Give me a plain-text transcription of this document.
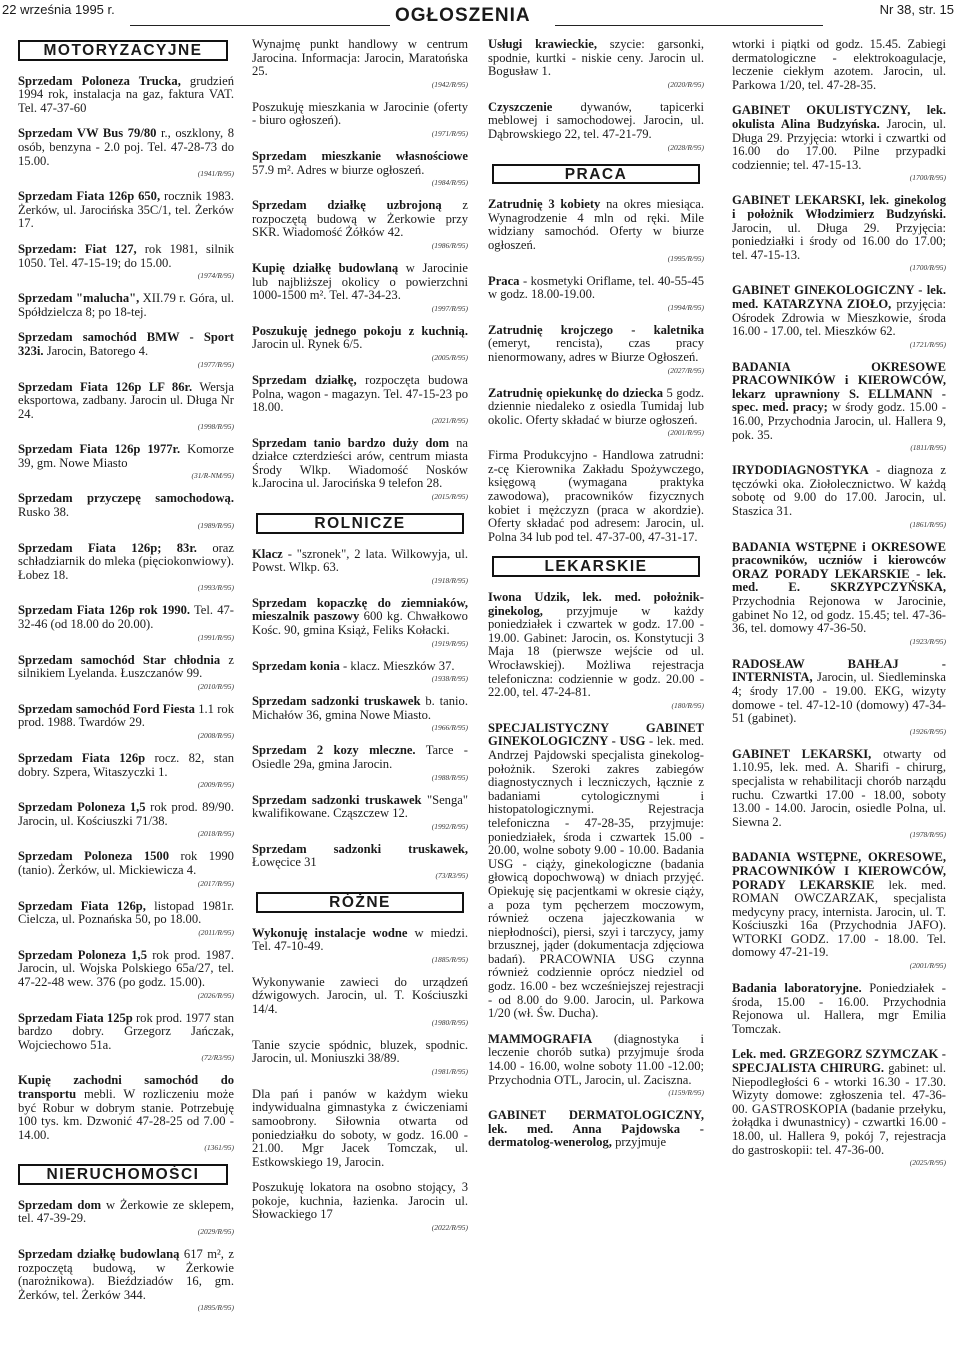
22 września 1995 r.	OGŁOSZENIA	Nr 38, str. 15
MOTORYZACYJNE

Sprzedam Poloneza Trucka, grudzień 1994 rok, instalacja na gaz, faktura VAT. Tel. 47-37-60

Sprzedam VW Bus 79/80 r., oszklony, 8 osób, benzyna - 2.0 poj. Tel. 47-28-73 do 15.00.

(1941/R/95)

Sprzedam Fiata 126p 650, rocznik 1983. Żerków, ul. Jarocińska 35C/1, tel. Żerków 17.

Sprzedam: Fiat 127, rok 1981, silnik 1050. Tel. 47-15-19; do 15.00.

(1974/R/95)

Sprzedam "malucha", XII.79 r. Góra, ul. Spółdzielcza 8; po 18-tej.

Sprzedam samochód BMW - Sport 323i. Jarocin, Batorego 4.

(1977/R/95)

Sprzedam Fiata 126p LF 86r. Wersja eksportowa, zadbany. Jarocin ul. Długa Nr 24.

(1998/R/95)

Sprzedam Fiata 126p 1977r. Komorze 39, gm. Nowe Miasto

(31/R-NM/95)

Sprzedam przyczepę samochodową. Rusko 38.

(1989/R/95)

Sprzedam Fiata 126p; 83r. oraz schładziarnik do mleka (pięciokonwiowy). Łobez 18.

(1993/R/95)

Sprzedam Fiata 126p rok 1990. Tel. 47-32-46 (od 18.00 do 20.00).

(1991/R/95)

Sprzedam samochód Star chłodnia z silnikiem Lyelanda. Łuszczanów 99.

(2010/R/95)

Sprzedam samochód Ford Fiesta 1.1 rok prod. 1988. Twardów 29.

(2008/R/95)

Sprzedam Fiata 126p rocz. 82, stan dobry. Szpera, Witaszyczki 1.

(2009/R/95)

Sprzedam Poloneza 1,5 rok prod. 89/90. Jarocin, ul. Kościuszki 71/38.

(2018/R/95)

Sprzedam Poloneza 1500 rok 1990 (tanio). Żerków, ul. Mickiewicza 4.

(2017/R/95)

Sprzedam Fiata 126p, listopad 1981r. Cielcza, ul. Poznańska 50, po 18.00.

(2011/R/95)

Sprzedam Poloneza 1,5 rok prod. 1987. Jarocin, ul. Wojska Polskiego 65a/27, tel. 47-22-48 wew. 376 (po godz. 15.00).

(2026/R/95)

Sprzedam Fiata 125p rok prod. 1977 stan bardzo dobry. Grzegorz Jańczak, Wojciechowo 51a.

(72/R3/95)

Kupię zachodni samochód do transportu mebli. W rozliczeniu może być Robur w dobrym stanie. Potrzebuję 100 tys. km. Dzwonić 47-28-25 od 7.00 - 14.00.

(1361/95)
NIERUCHOMOŚCI

Sprzedam dom w Żerkowie ze sklepem, tel. 47-39-29.

(2029/R/95)

Sprzedam działkę budowlaną 617 m², z rozpoczętą budową, w Żerkowie (narożnikowa). Bieździadów 16, gm. Żerków, tel. Żerków 344.

(1895/R/95)

Wynajmę punkt handlowy w centrum Jarocina. Informacja: Jarocin, Maratońska 25.

(1942/R/95)

Poszukuję mieszkania w Jarocinie (oferty - biuro ogłoszeń).

(1971/R/95)

Sprzedam mieszkanie własnościowe 57.9 m². Adres w biurze ogłoszeń.

(1984/R/95)

Sprzedam działkę uzbrojoną z rozpoczętą budową w Żerkowie przy SKR. Wiadomość Żółków 42.

(1986/R/95)

Kupię działkę budowlaną w Jarocinie lub najbliższej okolicy o powierzchni 1000-1500 m². Tel. 47-34-23.

(1997/R/95)

Poszukuję jednego pokoju z kuchnią. Jarocin ul. Rynek 6/5.

(2005/R/95)

Sprzedam działkę, rozpoczęta budowa Polna, wagon - magazyn. Tel. 47-15-23 po 18.00.

(2021/R/95)

Sprzedam tanio bardzo duży dom na działce czterdzieści arów, centrum miasta Środy Wlkp. Wiadomość Nosków k.Jarocina ul. Jarocińska 9 telefon 28.

(2015/R/95)
ROLNICZE

Klacz - "szronek", 2 lata. Wilkowyja, ul. Powst. Wlkp. 63.

(1918/R/95)

Sprzedam kopaczkę do ziemniaków, mieszalnik paszowy 600 kg. Chwałkowo Kośc. 90, gmina Książ, Feliks Kołacki.

(1919/R/95)

Sprzedam konia - klacz. Mieszków 37.

(1938/R/95)

Sprzedam sadzonki truskawek b. tanio. Michałów 36, gmina Nowe Miasto.

(1966/R/95)

Sprzedam 2 kozy mleczne. Tarce - Osiedle 29a, gmina Jarocin.

(1988/R/95)

Sprzedam sadzonki truskawek "Senga" kwalifikowane. Cząszczew 12.

(1992/R/95)

Sprzedam sadzonki truskawek, Łowęcice 31

(73/R3/95)
RÓŻNE

Wykonuję instalacje wodne w miedzi. Tel. 47-10-49.

(1885/R/95)

Wykonywanie zawieci do urządzeń dźwigowych. Jarocin, ul. T. Kościuszki 14/4.

(1980/R/95)

Tanie szycie spódnic, bluzek, spodnic. Jarocin, ul. Moniuszki 38/89.

(1981/R/95)

Dla pań i panów w każdym wieku indywidualna gimnastyka z ćwiczeniami samoobrony. Siłownia otwarta od poniedziałku do soboty, w godz. 16.00 - 21.00. Mgr Jacek Tomczak, ul. Estkowskiego 19, Jarocin.

Poszukuję lokatora na osobno stojący, 3 pokoje, kuchnia, łazienka. Jarocin ul. Słowackiego 17

(2022/R/95)

Usługi krawieckie, szycie: garsonki, spodnie, kurtki - niskie ceny. Jarocin ul. Bogusław 1.

(2020/R/95)

Czyszczenie dywanów, tapicerki meblowej i samochodowej. Jarocin, ul. Dąbrowskiego 22, tel. 47-21-79.

(2028/R/95)
PRACA

Zatrudnię 3 kobiety na okres miesiąca. Wynagrodzenie 4 mln od ręki. Mile widziany samochód. Oferty w biurze ogłoszeń.

(1995/R/95)

Praca - kosmetyki Oriflame, tel. 40-55-45 w godz. 18.00-19.00.

(1994/R/95)

Zatrudnię krojczego - kaletnika (emeryt, rencista), czas pracy nienormowany, adres w Biurze Ogłoszeń.

(2027/R/95)

Zatrudnię opiekunkę do dziecka 5 godz. dziennie niedaleko z osiedla Tumidaj lub okolic. Oferty składać w biurze ogłoszeń.

(2001/R/95)

Firma Produkcyjno - Handlowa zatrudni: z-cę Kierownika Zakładu Spożywczego, księgową (wymagana praktyka zawodowa), pracowników fizycznych kobiet i mężczyzn (praca w akordzie). Oferty składać pod adresem: Jarocin, ul. Polna 34 lub pod tel. 47-37-00, 47-31-17.

LEKARSKIE

Iwona Udzik, lek. med. położnik-ginekolog, przyjmuje w każdy poniedziałek i czwartek w godz. 17.00 - 19.00. Gabinet: Jarocin, os. Konstytucji 3 Maja 18 (pierwsze wejście od ul. Wrocławskiej). Możliwa rejestracja telefoniczna: codziennie w godz. 20.00 - 22.00, tel. 47-24-81.

(180/R/95)

SPECJALISTYCZNY GABINET GINEKOLOGICZNY - USG - lek. med. Andrzej Pajdowski specjalista ginekolog-położnik. Szeroki zakres zabiegów diagnostycznych i leczniczych, łącznie z badaniami cytologicznymi i histopatologicznymi. Rejestracja telefoniczna - 47-28-35, przyjmuje: poniedziałek, środa i czwartek 15.00 - 20.00, wolne soboty 9.00 - 10.00. Badania USG - ciąży, ginekologiczne (badania głowicą dopochwową) w dniach przyjęć. Opiekuję się pacjentkami w okresie ciąży, a poza tym pęcherzem moczowym, również oczena jajeczkowania w niepłodności), piersi, szyi i tarczycy, jamy brzusznej, jąder (dokumentacja zdjęciowa badań). PRACOWNIA USG czynna również codziennie oprócz niedziel od godz. 16.00 - bez wcześniejszej rejestracji - od 8.00 do 9.00. Jarocin, ul. Parkowa 1/20 (wł. Św. Ducha).

MAMMOGRAFIA (diagnostyka i leczenie chorób sutka) przyjmuje środa 14.00 - 16.00, wolne soboty 11.00 -12.00; Przychodnia OTL, Jarocin, ul. Zaciszna.

(1159/R/95)

GABINET DERMATOLOGICZNY, lek. med. Anna Pajdowska - dermatolog-wenerolog, przyjmuje

wtorki i piątki od godz. 15.45. Zabiegi dermatologiczne - elektrokoagulacje, leczenie ciekłym azotem. Jarocin, ul. Parkowa 1/20, tel. 47-28-35.

GABINET OKULISTYCZNY, lek. okulista Alina Budzyńska. Jarocin, ul. Długa 29. Przyjęcia: wtorki i czwartki od 16.00 do 17.00. Pilne przypadki codziennie; tel. 47-15-13.

(1700/R/95)

GABINET LEKARSKI, lek. ginekolog i położnik Włodzimierz Budzyński. Jarocin, ul. Długa 29. Przyjęcia: poniedziałki i środy od 16.00 do 17.00; tel. 47-15-13.

(1700/R/95)

GABINET GINEKOLOGICZNY - lek. med. KATARZYNA ZIOŁO, przyjęcia: Ośrodek Zdrowia w Mieszkowie, środa 16.00 - 17.00, tel. Mieszków 62.

(1721/R/95)

BADANIA OKRESOWE PRACOWNIKÓW i KIEROWCÓW, lekarz uprawniony S. ELLMANN - spec. med. pracy; w środy godz. 15.00 - 16.00, Przychodnia Jarocin, ul. Hallera 9, pok. 35.

(1811/R/95)

IRYDODIAGNOSTYKA - diagnoza z tęczówki oka. Ziołolecznictwo. W każdą sobotę od 9.00 do 17.00. Jarocin, ul. Staszica 31.

(1861/R/95)

BADANIA WSTĘPNE i OKRESOWE pracowników, uczniów i kierowców ORAZ PORADY LEKARSKIE - lek. med. E. SKRZYPCZYŃSKA, Przychodnia Rejonowa w Jarocinie, gabinet No 12, od godz. 15.45; tel. 47-36-36, tel. domowy 47-36-50.

(1923/R/95)

RADOSŁAW BAHŁAJ - INTERNISTA, Jarocin, ul. Siedleminska 4; środy 17.00 - 19.00. EKG, wizyty domowe - tel. 47-12-10 (domowy) 47-34-51 (gabinet).

(1926/R/95)

GABINET LEKARSKI, otwarty od 1.10.95, lek. med. A. Sharifi - chirurg, specjalista w rehabilitacji chorób narządu ruchu. Czwartki 17.00 - 18.00, soboty 13.00 - 14.00. Jarocin, osiedle Polna, ul. Siewna 2.

(1978/R/95)

BADANIA WSTĘPNE, OKRESOWE, PRACOWNIKÓW I KIEROWCÓW, PORADY LEKARSKIE lek. med. ROMAN OWCZARZAK, specjalista medycyny pracy, internista. Jarocin, ul. T. Kościuszki 16a (Przychodnia JAFO). WTORKI GODZ. 17.00 - 18.00. Tel. domowy 47-21-19.

(2001/R/95)

Badania laboratoryjne. Poniedziałek - środa, 15.00 - 16.00. Przychodnia Rejonowa ul. Hallera, mgr Emilia Tomczak.

Lek. med. GRZEGORZ SZYMCZAK - SPECJALISTA CHIRURG. gabinet: ul. Niepodległości 6 - wtorki 16.30 - 17.30. Wizyty domowe: zgłoszenia tel. 47-36-00. GASTROSKOPIA (badanie przełyku, żołądka i dwunastnicy) - czwartki 16.00 - 18.00, ul. Hallera 9, pokój 7, rejestracja do gastroskopii: tel. 47-36-00.

(2025/R/95)
